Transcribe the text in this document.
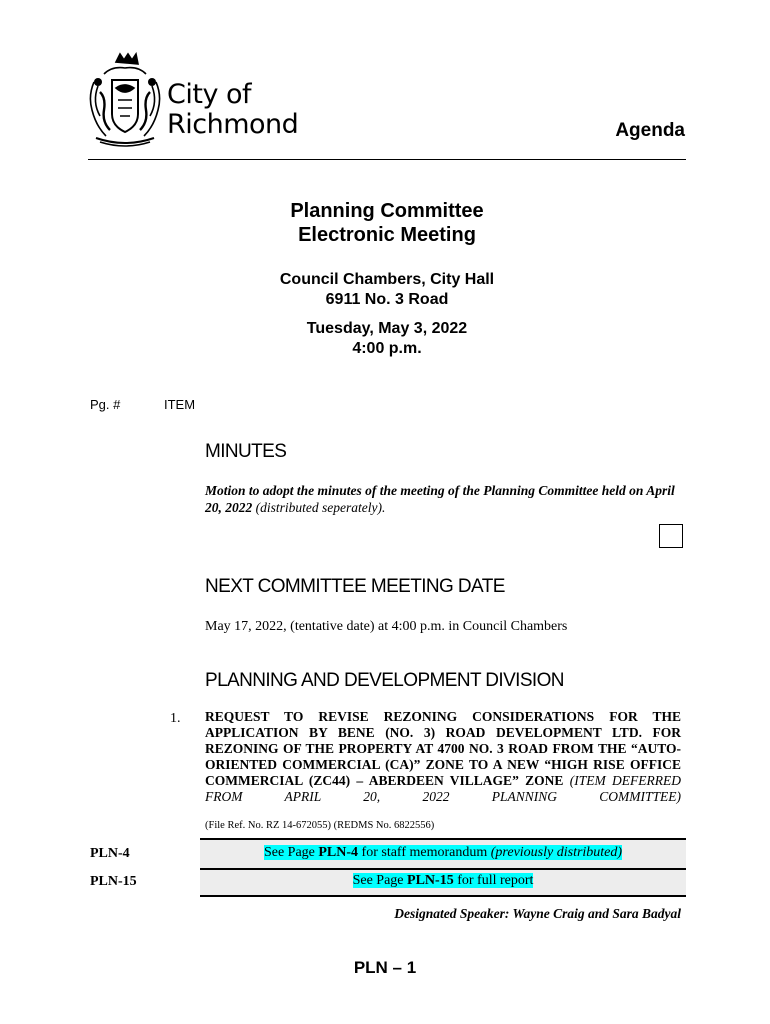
City of
Richmond	Agenda
Planning Committee
Electronic Meeting
Council Chambers, City Hall
6911 No. 3 Road
Tuesday, May 3, 2022
4:00 p.m.
Pg. #	ITEM
MINUTES
Motion to adopt the minutes of the meeting of the Planning Committee held on April 20, 2022 (distributed seperately).
NEXT COMMITTEE MEETING DATE
May 17, 2022, (tentative date) at 4:00 p.m. in Council Chambers
PLANNING AND DEVELOPMENT DIVISION
1. REQUEST TO REVISE REZONING CONSIDERATIONS FOR THE APPLICATION BY BENE (NO. 3) ROAD DEVELOPMENT LTD. FOR REZONING OF THE PROPERTY AT 4700 NO. 3 ROAD FROM THE “AUTO-ORIENTED COMMERCIAL (CA)” ZONE TO A NEW “HIGH RISE OFFICE COMMERCIAL (ZC44) – ABERDEEN VILLAGE” ZONE (ITEM DEFERRED FROM APRIL 20, 2022 PLANNING COMMITTEE)
(File Ref. No. RZ 14-672055) (REDMS No. 6822556)
PLN-4
PLN-15
See Page PLN-4 for staff memorandum (previously distributed)
See Page PLN-15 for full report
Designated Speaker: Wayne Craig and Sara Badyal
PLN – 1
